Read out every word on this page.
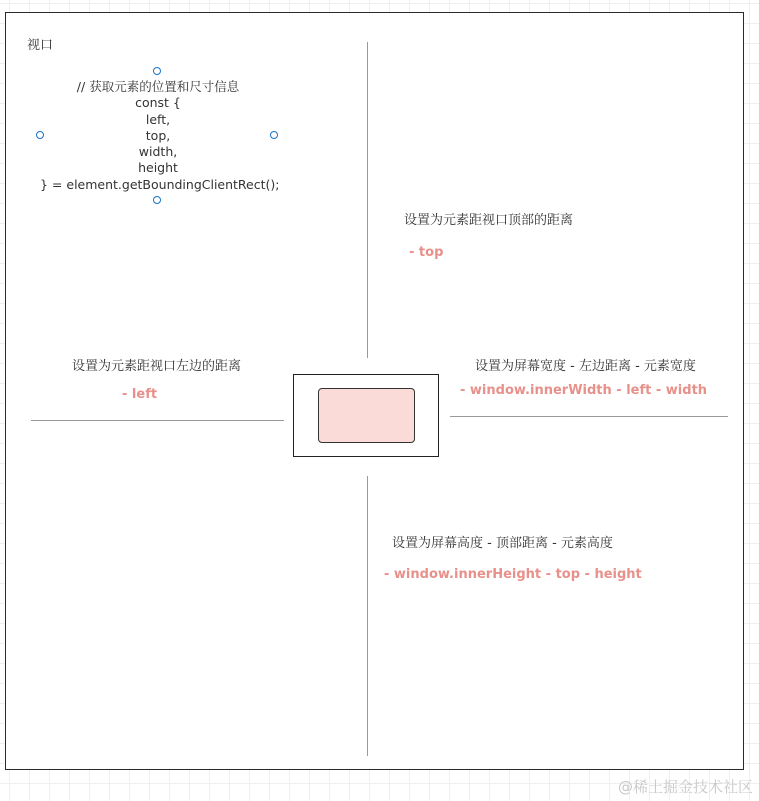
视口
// 获取元素的位置和尺寸信息
const {
left,
top,
width,
height
} = element.getBoundingClientRect();
设置为元素距视口顶部的距离
- top
设置为元素距视口左边的距离
- left
设置为屏幕宽度 - 左边距离 - 元素宽度
- window.innerWidth - left - width
设置为屏幕高度 - 顶部距离 - 元素高度
- window.innerHeight - top - height
@稀土掘金技术社区
